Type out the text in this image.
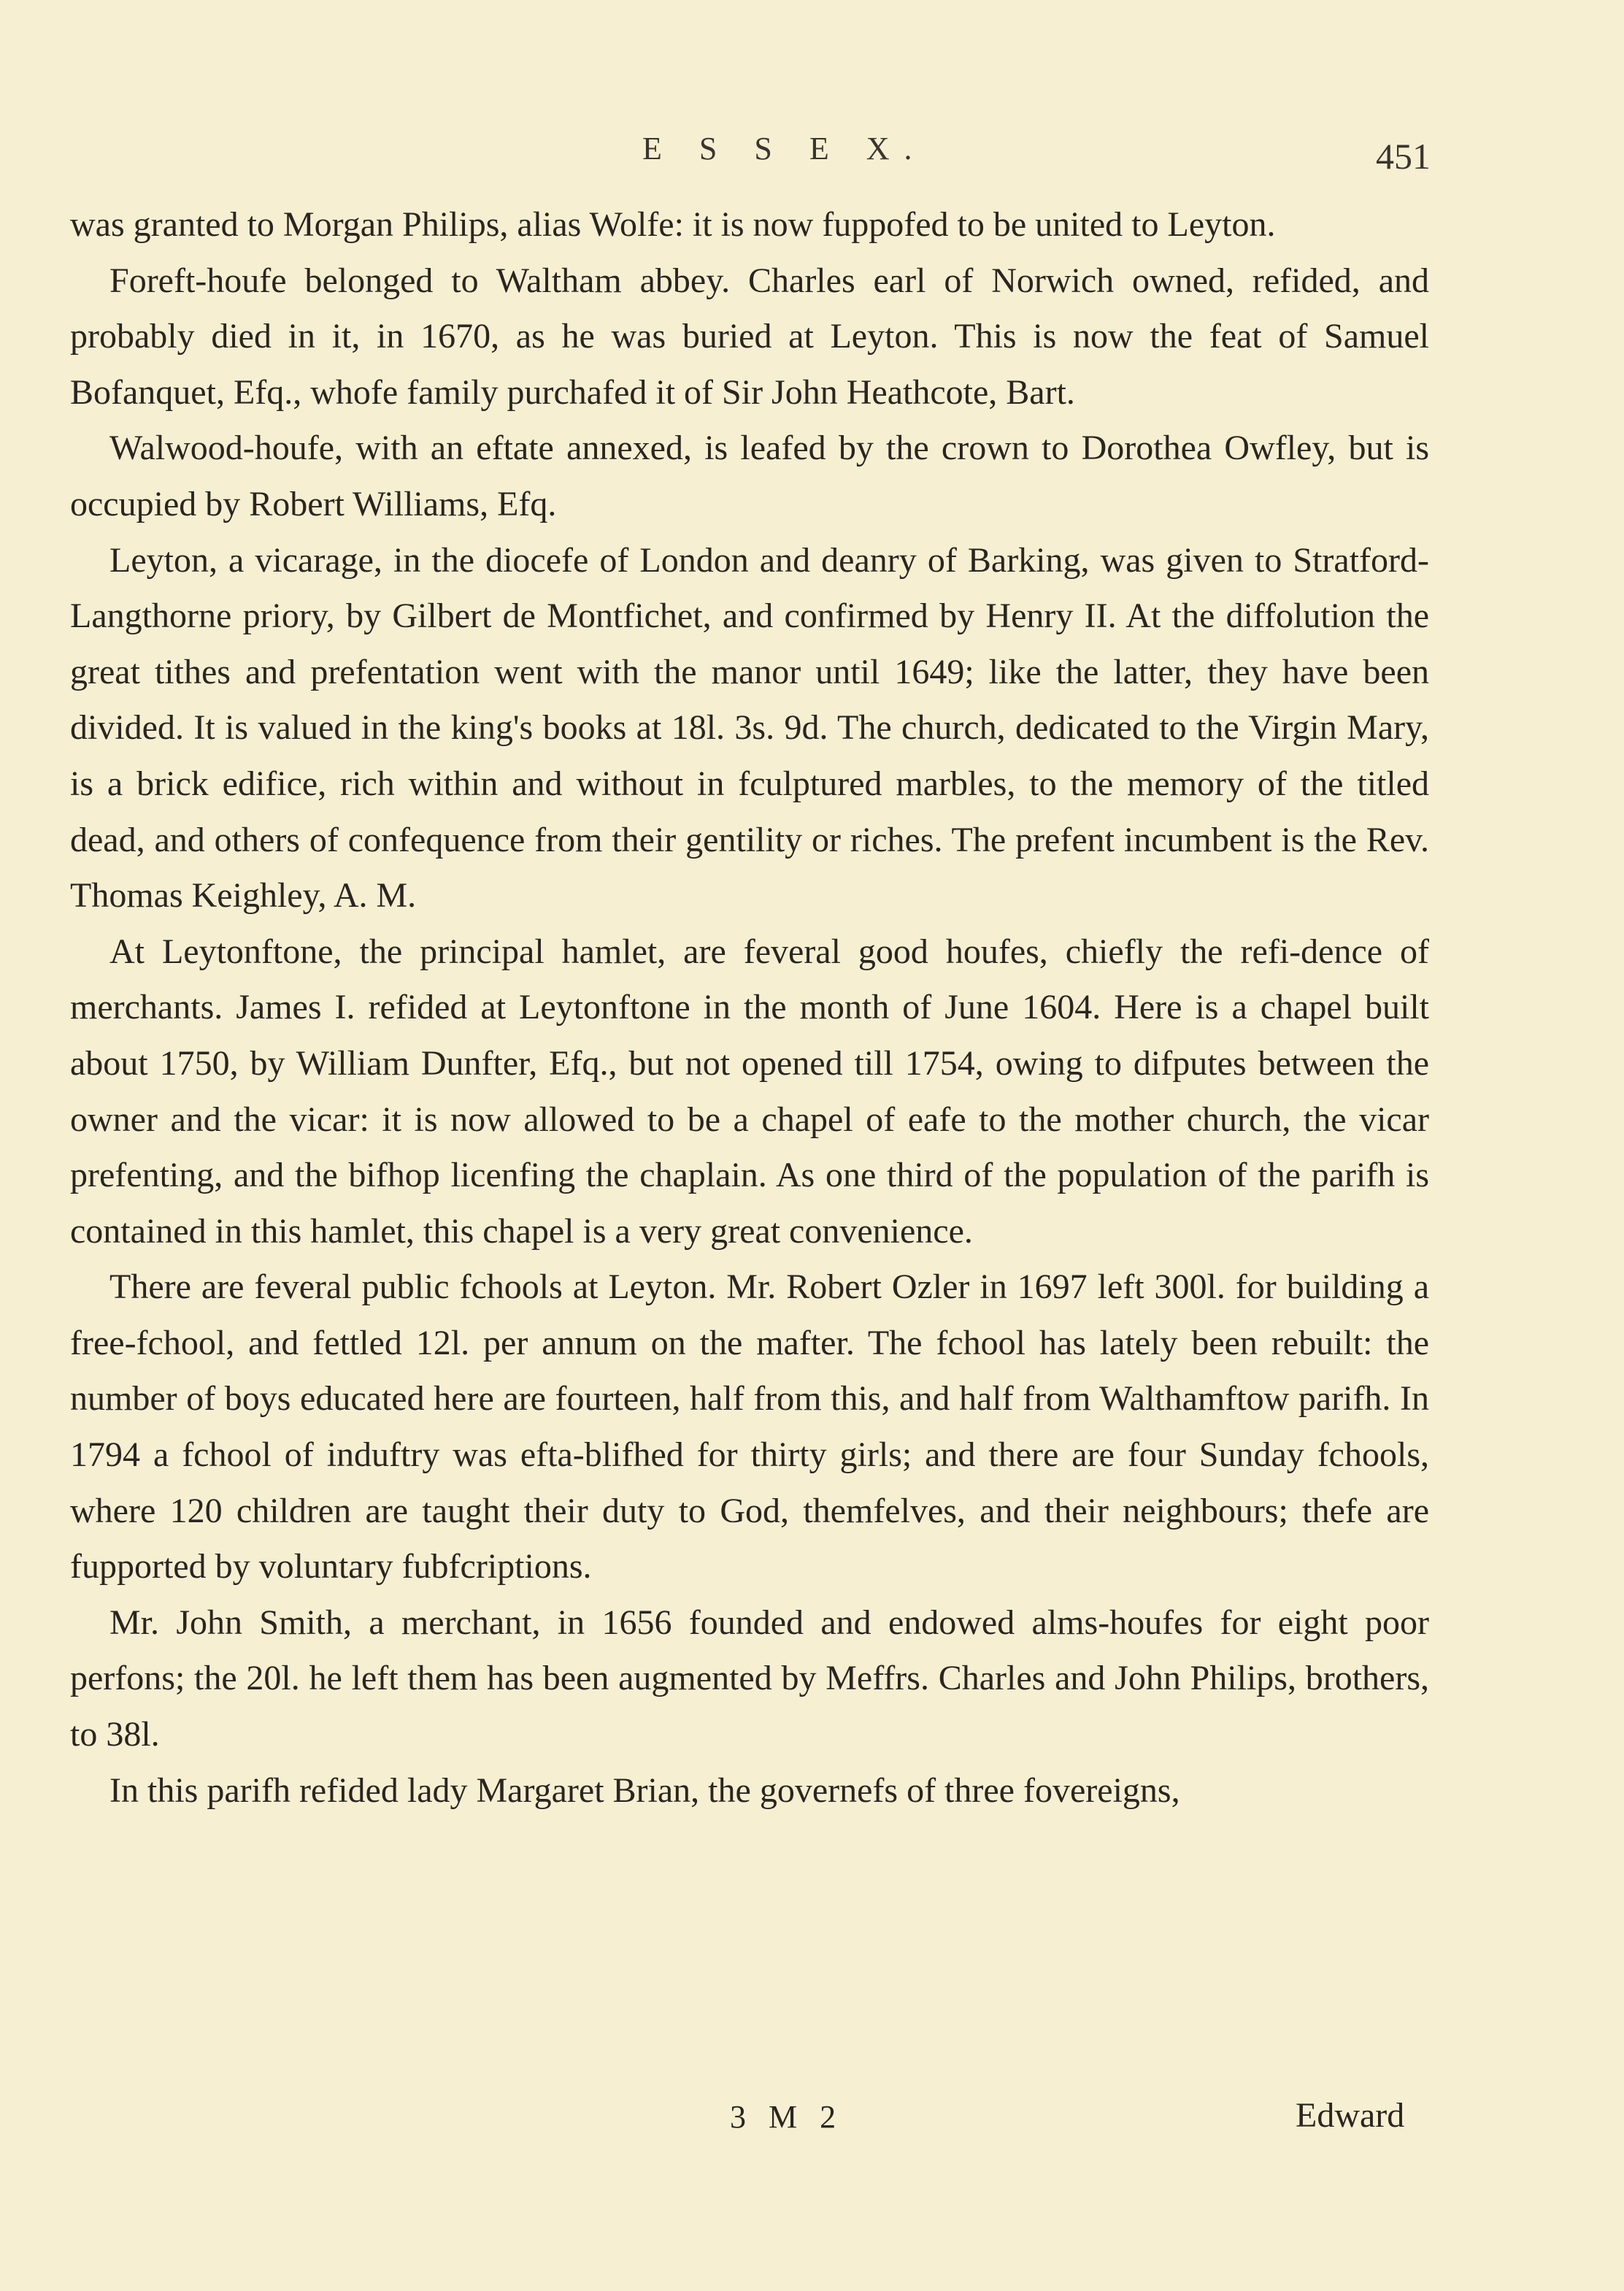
E S S E X.	451

was granted to Morgan Philips, alias Wolfe: it is now fuppofed to be united to Leyton.

Foreft-houfe belonged to Waltham abbey. Charles earl of Norwich owned, refided, and probably died in it, in 1670, as he was buried at Leyton. This is now the feat of Samuel Bofanquet, Efq., whofe family purchafed it of Sir John Heathcote, Bart.

Walwood-houfe, with an eftate annexed, is leafed by the crown to Dorothea Owfley, but is occupied by Robert Williams, Efq.

Leyton, a vicarage, in the diocefe of London and deanry of Barking, was given to Stratford-Langthorne priory, by Gilbert de Montfichet, and confirmed by Henry II. At the diffolution the great tithes and prefentation went with the manor until 1649; like the latter, they have been divided. It is valued in the king's books at 18l. 3s. 9d. The church, dedicated to the Virgin Mary, is a brick edifice, rich within and without in fculptured marbles, to the memory of the titled dead, and others of confequence from their gentility or riches. The prefent incumbent is the Rev. Thomas Keighley, A. M.

At Leytonftone, the principal hamlet, are feveral good houfes, chiefly the refi-dence of merchants. James I. refided at Leytonftone in the month of June 1604. Here is a chapel built about 1750, by William Dunfter, Efq., but not opened till 1754, owing to difputes between the owner and the vicar: it is now allowed to be a chapel of eafe to the mother church, the vicar prefenting, and the bifhop licenfing the chaplain. As one third of the population of the parifh is contained in this hamlet, this chapel is a very great convenience.

There are feveral public fchools at Leyton. Mr. Robert Ozler in 1697 left 300l. for building a free-fchool, and fettled 12l. per annum on the mafter. The fchool has lately been rebuilt: the number of boys educated here are fourteen, half from this, and half from Walthamftow parifh. In 1794 a fchool of induftry was efta-blifhed for thirty girls; and there are four Sunday fchools, where 120 children are taught their duty to God, themfelves, and their neighbours; thefe are fupported by voluntary fubfcriptions.

Mr. John Smith, a merchant, in 1656 founded and endowed alms-houfes for eight poor perfons; the 20l. he left them has been augmented by Meffrs. Charles and John Philips, brothers, to 38l.

In this parifh refided lady Margaret Brian, the governefs of three fovereigns,

3 M 2	Edward
